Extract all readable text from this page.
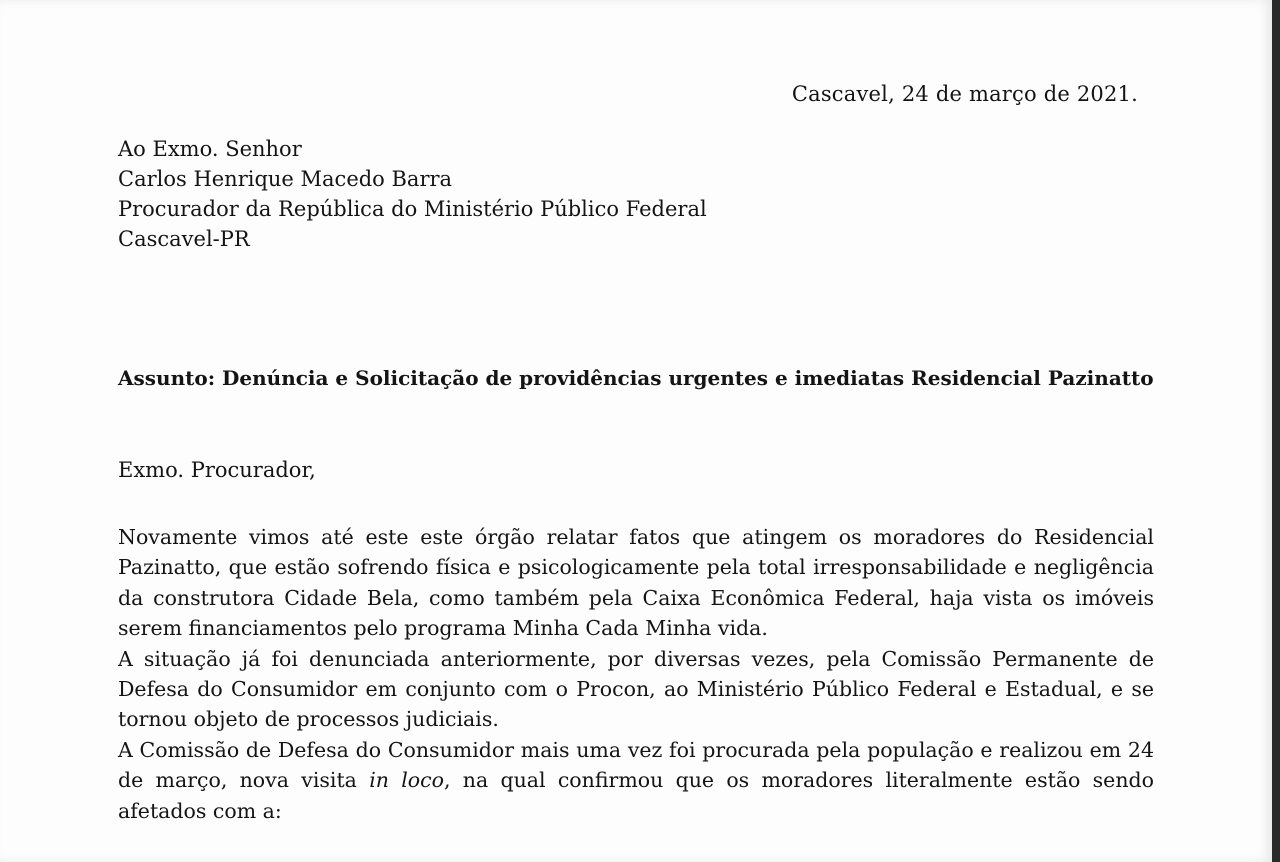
Cascavel, 24 de março de 2021.
Ao Exmo. Senhor
Carlos Henrique Macedo Barra
Procurador da República do Ministério Público Federal
Cascavel-PR
Assunto: Denúncia e Solicitação de providências urgentes e imediatas Residencial Pazinatto
Exmo. Procurador,

Novamente vimos até este este órgão relatar fatos que atingem os moradores do Residencial Pazinatto, que estão sofrendo física e psicologicamente pela total irresponsabilidade e negligência da construtora Cidade Bela, como também pela Caixa Econômica Federal, haja vista os imóveis serem financiamentos pelo programa Minha Cada Minha vida.

A situação já foi denunciada anteriormente, por diversas vezes, pela Comissão Permanente de Defesa do Consumidor em conjunto com o Procon, ao Ministério Público Federal e Estadual, e se tornou objeto de processos judiciais.

A Comissão de Defesa do Consumidor mais uma vez foi procurada pela população e realizou em 24 de março, nova visita in loco, na qual confirmou que os moradores literalmente estão sendo afetados com a:
